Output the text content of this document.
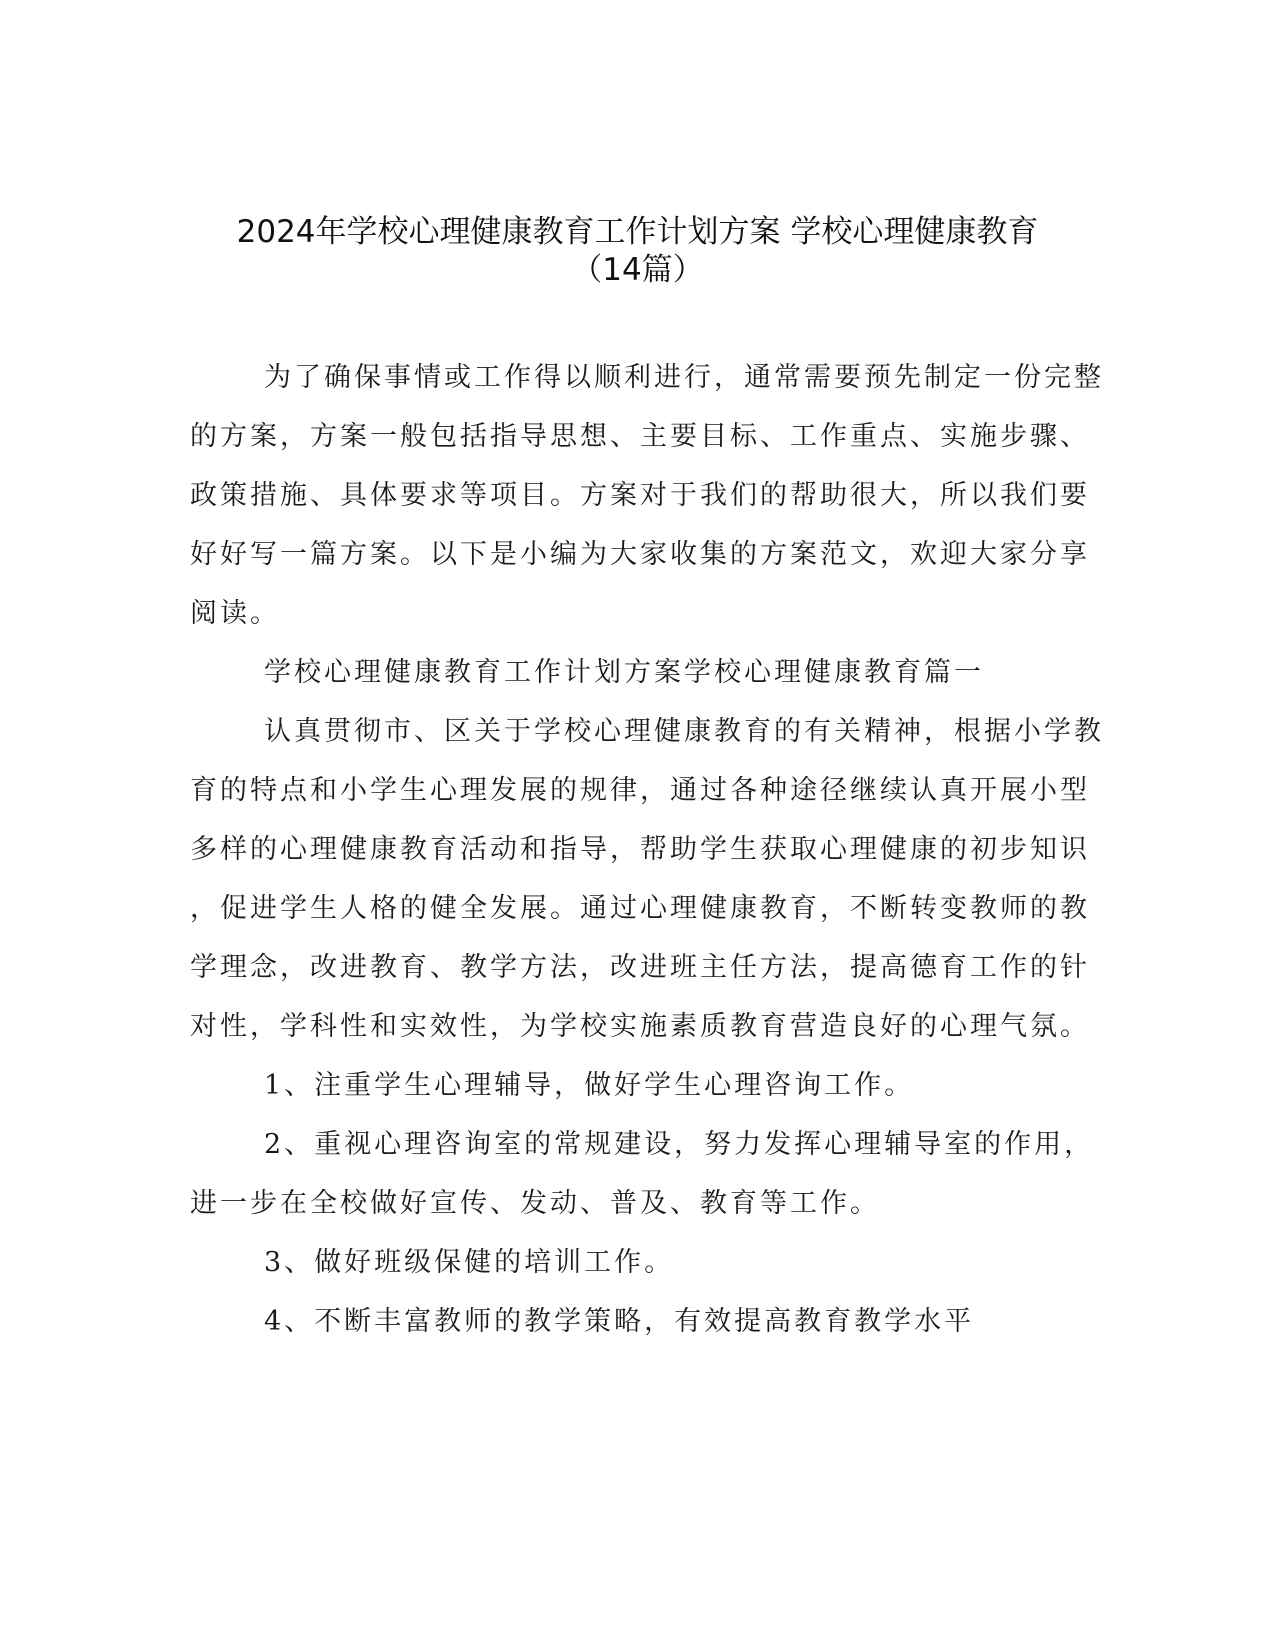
2024年学校心理健康教育工作计划方案 学校心理健康教育
（14篇）
为了确保事情或工作得以顺利进行，通常需要预先制定一份完整
的方案，方案一般包括指导思想、主要目标、工作重点、实施步骤、
政策措施、具体要求等项目。方案对于我们的帮助很大，所以我们要
好好写一篇方案。以下是小编为大家收集的方案范文，欢迎大家分享
阅读。
学校心理健康教育工作计划方案学校心理健康教育篇一
认真贯彻市、区关于学校心理健康教育的有关精神，根据小学教
育的特点和小学生心理发展的规律，通过各种途径继续认真开展小型
多样的心理健康教育活动和指导，帮助学生获取心理健康的初步知识
，促进学生人格的健全发展。通过心理健康教育，不断转变教师的教
学理念，改进教育、教学方法，改进班主任方法，提高德育工作的针
对性，学科性和实效性，为学校实施素质教育营造良好的心理气氛。
1、注重学生心理辅导，做好学生心理咨询工作。
2、重视心理咨询室的常规建设，努力发挥心理辅导室的作用，
进一步在全校做好宣传、发动、普及、教育等工作。
3、做好班级保健的培训工作。
4、不断丰富教师的教学策略，有效提高教育教学水平
